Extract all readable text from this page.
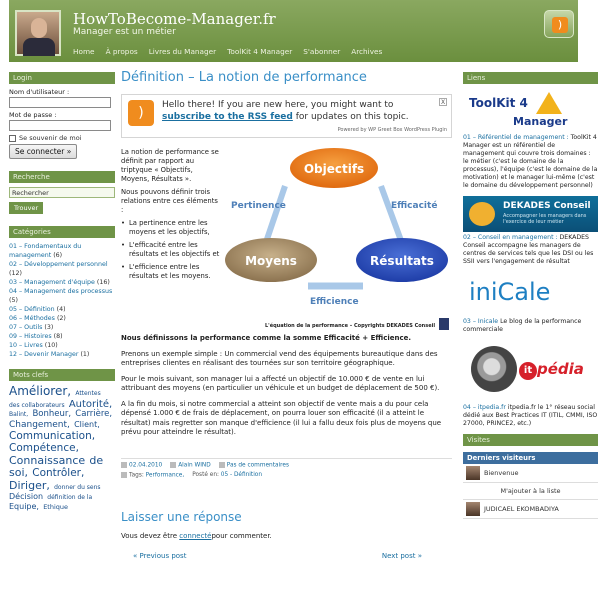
HowToBecome-Manager.fr
Manager est un métier
)
Home À propos Livres du Manager ToolKit 4 Manager S'abonner Archives
Login
Nom d'utilisateur :
Mot de passe :
Se souvenir de moi
Se connecter »
Recherche
Rechercher
Trouver
Catégories
01 – Fondamentaux du management (6)
02 – Développement personnel (12)
03 – Management d'équipe (16)
04 – Management des processus (5)
05 – Définition (4)
06 – Méthodes (2)
07 – Outils (3)
09 – Histoires (8)
10 – Livres (10)
12 – Devenir Manager (1)
Mots clefs
Améliorer, Attentes des collaborateurs Autorité, Balint, Bonheur, Carrière, Changement, Client, Communication, Compétence, Connaissance de soi, Contrôler, Diriger, donner du sens Décision définition de la Equipe, Ethique
Définition – La notion de performance
)	Hello there! If you are new here, you might want to subscribe to the RSS feed for updates on this topic.
X
Powered by WP Greet Box WordPress Plugin

La notion de performance se définit par rapport au triptyque « Objectifs, Moyens, Résultats ».

Nous pouvons définir trois relations entre ces éléments :

• La pertinence entre les moyens et les objectifs,
• L'efficacité entre les résultats et les objectifs et
• L'efficience entre les résultats et les moyens.
Objectifs
Moyens	Résultats
Pertinence	Efficacité
Efficience
L'équation de la performance – Copyrights DEKADES Conseil

Nous définissons la performance comme la somme Efficacité + Efficience.

Prenons un exemple simple : Un commercial vend des équipements bureautique dans des entreprises clientes en réalisant des tournées sur son territoire géographique.

Pour le mois suivant, son manager lui a affecté un objectif de 10.000 € de vente en lui attribuant des moyens (en particulier un véhicule et un budget de déplacement de 500 €).

A la fin du mois, si notre commercial a atteint son objectif de vente mais a du pour cela dépensé 1.000 € de frais de déplacement, on pourra louer son efficacité (il a atteint le résultat) mais regretter son manque d'efficience (il lui a fallu deux fois plus de moyens que prévu pour atteindre le résultat).

02.04.2010	Alain WIND	Pas de commentaires
Tags: Performance, Posté en: 05 - Définition
Laisser une réponse
Vous devez être connectépour commenter.
« Previous post	Next post »
Liens
ToolKit 4
Manager
01 – Référentiel de management : ToolKit 4 Manager est un référentiel de management qui couvre trois domaines : le métier (c'est le domaine de la processus), l'équipe (c'est le domaine de la motivation) et le manager lui-même (c'est le domaine du développement personnel)
DEKADES Conseil
Accompagner les managers dans l'exercice de leur métier
02 – Conseil en management : DEKADES Conseil accompagne les managers de centres de services tels que les DSI ou les SSII vers l'engagement de résultat
iniCale
03 – Inicale Le blog de la performance commerciale
it pédia
04 – itpedia.fr itpedia.fr le 1° réseau social dédié aux Best Practices IT (ITIL, CMMI, ISO 27000, PRINCE2, etc.)
Visites
Derniers visiteurs
Bienvenue
M'ajouter à la liste
JUDICAEL EKOMBADIYA
